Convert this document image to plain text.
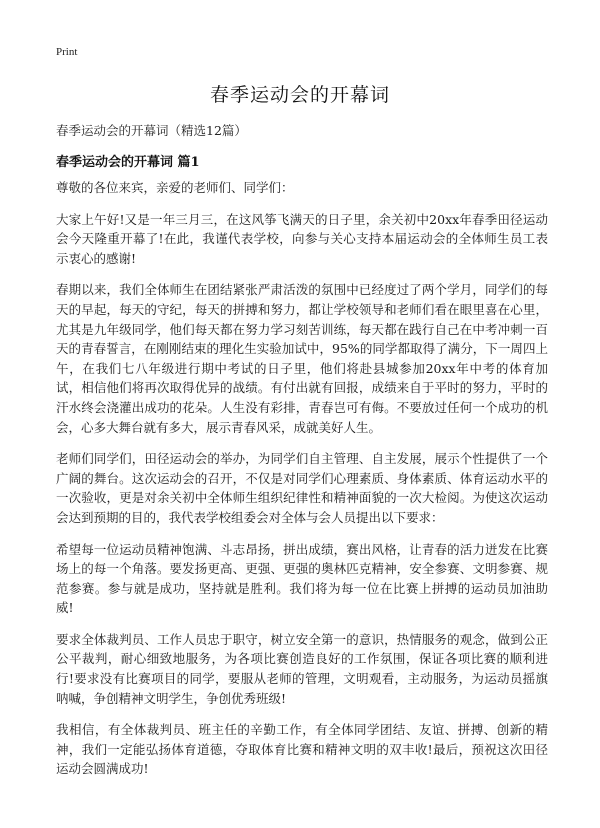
Print
春季运动会的开幕词
春季运动会的开幕词（精选12篇）
春季运动会的开幕词 篇1

尊敬的各位来宾，亲爱的老师们、同学们：

大家上午好!又是一年三月三，在这风筝飞满天的日子里，余关初中20xx年春季田径运动会今天隆重开幕了!在此，我谨代表学校，向参与关心支持本届运动会的全体师生员工表示衷心的感谢!

春期以来，我们全体师生在团结紧张严肃活泼的氛围中已经度过了两个学月，同学们的每天的早起，每天的守纪，每天的拼搏和努力，都让学校领导和老师们看在眼里喜在心里，尤其是九年级同学，他们每天都在努力学习刻苦训练，每天都在践行自己在中考冲刺一百天的青春誓言，在刚刚结束的理化生实验加试中，95%的同学都取得了满分，下一周四上午，在我们七八年级进行期中考试的日子里，他们将赴县城参加20xx年中考的体育加试，相信他们将再次取得优异的战绩。有付出就有回报，成绩来自于平时的努力，平时的汗水终会浇灌出成功的花朵。人生没有彩排，青春岂可有侮。不要放过任何一个成功的机会，心多大舞台就有多大，展示青春风采，成就美好人生。

老师们同学们，田径运动会的举办，为同学们自主管理、自主发展，展示个性提供了一个广阔的舞台。这次运动会的召开，不仅是对同学们心理素质、身体素质、体育运动水平的一次验收，更是对余关初中全体师生组织纪律性和精神面貌的一次大检阅。为使这次运动会达到预期的目的，我代表学校组委会对全体与会人员提出以下要求：

希望每一位运动员精神饱满、斗志昂扬，拼出成绩，赛出风格，让青春的活力迸发在比赛场上的每一个角落。要发扬更高、更强、更强的奥林匹克精神，安全参赛、文明参赛、规范参赛。参与就是成功，坚持就是胜利。我们将为每一位在比赛上拼搏的运动员加油助威!

要求全体裁判员、工作人员忠于职守，树立安全第一的意识，热情服务的观念，做到公正公平裁判，耐心细致地服务，为各项比赛创造良好的工作氛围，保证各项比赛的顺利进行!要求没有比赛项目的同学，要服从老师的管理，文明观看，主动服务，为运动员摇旗呐喊，争创精神文明学生，争创优秀班级!

我相信，有全体裁判员、班主任的辛勤工作，有全体同学团结、友谊、拼搏、创新的精神，我们一定能弘扬体育道德，夺取体育比赛和精神文明的双丰收!最后，预祝这次田径运动会圆满成功!
